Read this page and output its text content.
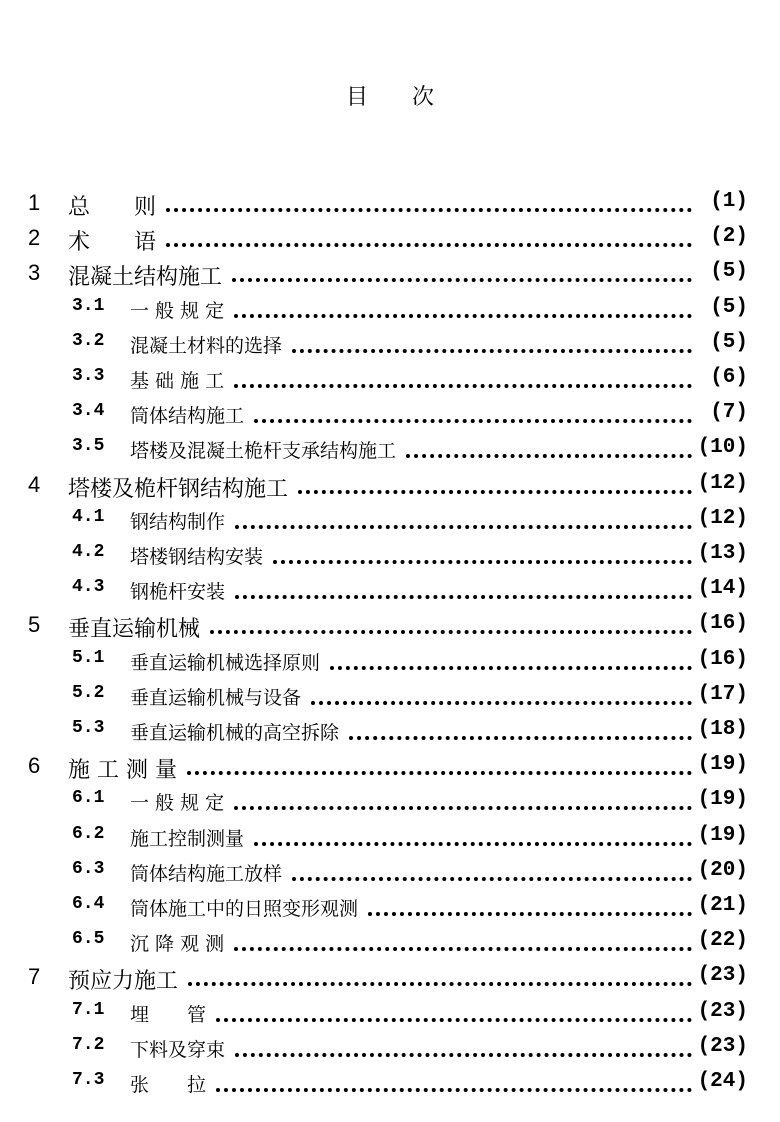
目 次
1 总　　则	(1)
2 术　　语	(2)
3 混凝土结构施工	(5)
3.1 一 般 规 定	(5)
3.2 混凝土材料的选择	(5)
3.3 基 础 施 工	(6)
3.4 筒体结构施工	(7)
3.5 塔楼及混凝土桅杆支承结构施工	(10)
4 塔楼及桅杆钢结构施工	(12)
4.1 钢结构制作	(12)
4.2 塔楼钢结构安装	(13)
4.3 钢桅杆安装	(14)
5 垂直运输机械	(16)
5.1 垂直运输机械选择原则	(16)
5.2 垂直运输机械与设备	(17)
5.3 垂直运输机械的高空拆除	(18)
6 施 工 测 量	(19)
6.1 一 般 规 定	(19)
6.2 施工控制测量	(19)
6.3 筒体结构施工放样	(20)
6.4 筒体施工中的日照变形观测	(21)
6.5 沉 降 观 测	(22)
7 预应力施工	(23)
7.1 埋　　管	(23)
7.2 下料及穿束	(23)
7.3 张　　拉	(24)
